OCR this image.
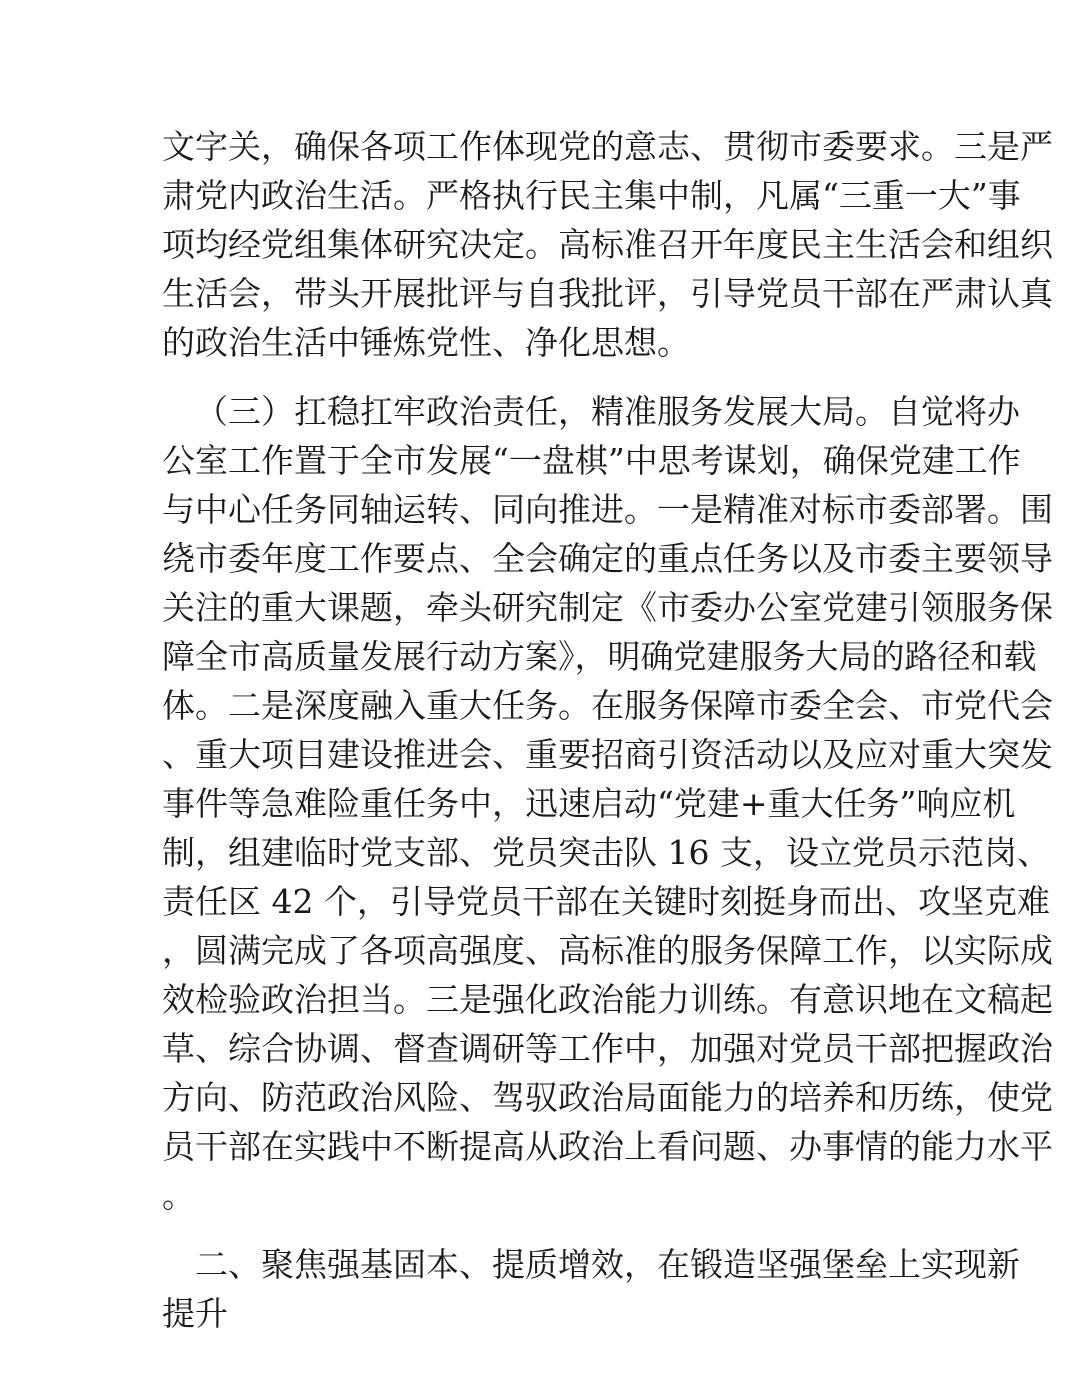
文字关，确保各项工作体现党的意志、贯彻市委要求。三是严
肃党内政治生活。严格执行民主集中制，凡属“三重一大”事
项均经党组集体研究决定。高标准召开年度民主生活会和组织
生活会，带头开展批评与自我批评，引导党员干部在严肃认真
的政治生活中锤炼党性、净化思想。
（三）扛稳扛牢政治责任，精准服务发展大局。自觉将办
公室工作置于全市发展“一盘棋”中思考谋划，确保党建工作
与中心任务同轴运转、同向推进。一是精准对标市委部署。围
绕市委年度工作要点、全会确定的重点任务以及市委主要领导
关注的重大课题，牵头研究制定《市委办公室党建引领服务保
障全市高质量发展行动方案》，明确党建服务大局的路径和载
体。二是深度融入重大任务。在服务保障市委全会、市党代会
、重大项目建设推进会、重要招商引资活动以及应对重大突发
事件等急难险重任务中，迅速启动“党建+重大任务”响应机
制，组建临时党支部、党员突击队 16 支，设立党员示范岗、
责任区 42 个，引导党员干部在关键时刻挺身而出、攻坚克难
，圆满完成了各项高强度、高标准的服务保障工作，以实际成
效检验政治担当。三是强化政治能力训练。有意识地在文稿起
草、综合协调、督查调研等工作中，加强对党员干部把握政治
方向、防范政治风险、驾驭政治局面能力的培养和历练，使党
员干部在实践中不断提高从政治上看问题、办事情的能力水平
。
二、聚焦强基固本、提质增效，在锻造坚强堡垒上实现新
提升
